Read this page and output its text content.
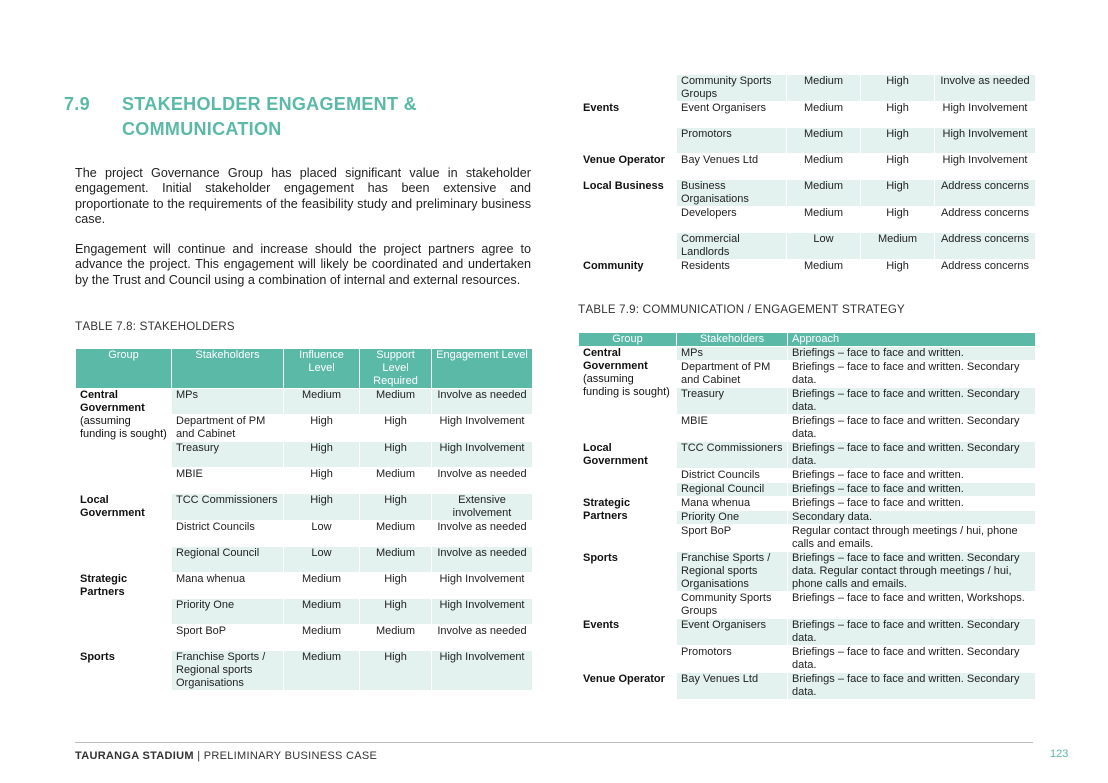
7.9 STAKEHOLDER ENGAGEMENT &
COMMUNICATION
The project Governance Group has placed significant value in stakeholder engagement. Initial stakeholder engagement has been extensive and proportionate to the requirements of the feasibility study and preliminary business case.
Engagement will continue and increase should the project partners agree to advance the project. This engagement will likely be coordinated and undertaken by the Trust and Council using a combination of internal and external resources.
TABLE 7.8: STAKEHOLDERS
Group	Stakeholders	Influence Level	Support Level Required	Engagement Level

Central Government
(assuming funding is sought)	MPs	Medium	Medium	Involve as needed
	Department of PM and Cabinet	High	High	High Involvement
	Treasury	High	High	High Involvement
	MBIE	High	Medium	Involve as needed

Local Government	TCC Commissioners	High	High	Extensive involvement
	District Councils	Low	Medium	Involve as needed
	Regional Council	Low	Medium	Involve as needed

Strategic Partners	Mana whenua	Medium	High	High Involvement
	Priority One	Medium	High	High Involvement
	Sport BoP	Medium	Medium	Involve as needed

Sports	Franchise Sports / Regional sports Organisations	Medium	High	High Involvement
	Community Sports Groups	Medium	High	Involve as needed

Events	Event Organisers	Medium	High	High Involvement
	Promotors	Medium	High	High Involvement

Venue Operator	Bay Venues Ltd	Medium	High	High Involvement

Local Business	Business Organisations	Medium	High	Address concerns
	Developers	Medium	High	Address concerns
	Commercial Landlords	Low	Medium	Address concerns

Community	Residents	Medium	High	Address concerns
TABLE 7.9: COMMUNICATION / ENGAGEMENT STRATEGY
Group	Stakeholders	Approach

Central Government
(assuming funding is sought)	MPs	Briefings – face to face and written.
	Department of PM and Cabinet	Briefings – face to face and written. Secondary data.
	Treasury	Briefings – face to face and written. Secondary data.
	MBIE	Briefings – face to face and written. Secondary data.

Local Government	TCC Commissioners	Briefings – face to face and written. Secondary data.
	District Councils	Briefings – face to face and written.
	Regional Council	Briefings – face to face and written.

Strategic Partners	Mana whenua	Briefings – face to face and written.
	Priority One	Secondary data.
	Sport BoP	Regular contact through meetings / hui, phone calls and emails.

Sports	Franchise Sports / Regional sports Organisations	Briefings – face to face and written. Secondary data. Regular contact through meetings / hui, phone calls and emails.
	Community Sports Groups	Briefings – face to face and written, Workshops.

Events	Event Organisers	Briefings – face to face and written. Secondary data.
	Promotors	Briefings – face to face and written. Secondary data.

Venue Operator	Bay Venues Ltd	Briefings – face to face and written. Secondary data.
TAURANGA STADIUM | PRELIMINARY BUSINESS CASE	123
